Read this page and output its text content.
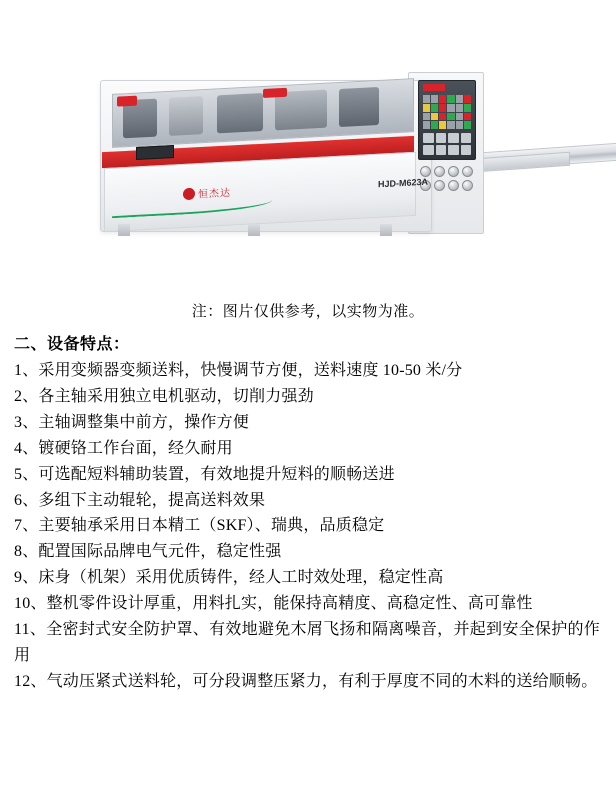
恒杰达
HJD-M623A

注：图片仅供参考，以实物为准。

二、设备特点：
1、采用变频器变频送料，快慢调节方便，送料速度 10-50 米/分
2、各主轴采用独立电机驱动，切削力强劲
3、主轴调整集中前方，操作方便
4、镀硬铬工作台面，经久耐用
5、可选配短料辅助装置，有效地提升短料的顺畅送进
6、多组下主动辊轮，提高送料效果
7、主要轴承采用日本精工（SKF）、瑞典，品质稳定
8、配置国际品牌电气元件，稳定性强
9、床身（机架）采用优质铸件，经人工时效处理，稳定性高
10、整机零件设计厚重，用料扎实，能保持高精度、高稳定性、高可靠性
11、全密封式安全防护罩、有效地避免木屑飞扬和隔离噪音，并起到安全保护的作用
12、气动压紧式送料轮，可分段调整压紧力，有利于厚度不同的木料的送给顺畅。
